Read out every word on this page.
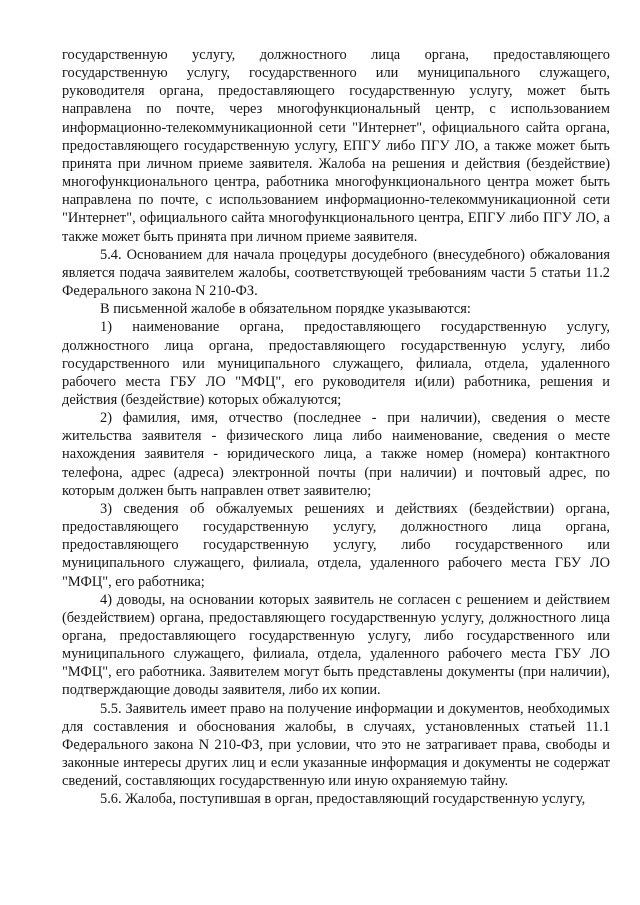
государственную услугу, должностного лица органа, предоставляющего государственную услугу, государственного или муниципального служащего, руководителя органа, предоставляющего государственную услугу, может быть направлена по почте, через многофункциональный центр, с использованием информационно-телекоммуникационной сети "Интернет", официального сайта органа, предоставляющего государственную услугу, ЕПГУ либо ПГУ ЛО, а также может быть принята при личном приеме заявителя. Жалоба на решения и действия (бездействие) многофункционального центра, работника многофункционального центра может быть направлена по почте, с использованием информационно-телекоммуникационной сети "Интернет", официального сайта многофункционального центра, ЕПГУ либо ПГУ ЛО, а также может быть принята при личном приеме заявителя.

5.4. Основанием для начала процедуры досудебного (внесудебного) обжалования является подача заявителем жалобы, соответствующей требованиям части 5 статьи 11.2 Федерального закона N 210-ФЗ.

В письменной жалобе в обязательном порядке указываются:

1) наименование органа, предоставляющего государственную услугу, должностного лица органа, предоставляющего государственную услугу, либо государственного или муниципального служащего, филиала, отдела, удаленного рабочего места ГБУ ЛО "МФЦ", его руководителя и(или) работника, решения и действия (бездействие) которых обжалуются;

2) фамилия, имя, отчество (последнее - при наличии), сведения о месте жительства заявителя - физического лица либо наименование, сведения о месте нахождения заявителя - юридического лица, а также номер (номера) контактного телефона, адрес (адреса) электронной почты (при наличии) и почтовый адрес, по которым должен быть направлен ответ заявителю;

3) сведения об обжалуемых решениях и действиях (бездействии) органа, предоставляющего государственную услугу, должностного лица органа, предоставляющего государственную услугу, либо государственного или муниципального служащего, филиала, отдела, удаленного рабочего места ГБУ ЛО "МФЦ", его работника;

4) доводы, на основании которых заявитель не согласен с решением и действием (бездействием) органа, предоставляющего государственную услугу, должностного лица органа, предоставляющего государственную услугу, либо государственного или муниципального служащего, филиала, отдела, удаленного рабочего места ГБУ ЛО "МФЦ", его работника. Заявителем могут быть представлены документы (при наличии), подтверждающие доводы заявителя, либо их копии.

5.5. Заявитель имеет право на получение информации и документов, необходимых для составления и обоснования жалобы, в случаях, установленных статьей 11.1 Федерального закона N 210-ФЗ, при условии, что это не затрагивает права, свободы и законные интересы других лиц и если указанные информация и документы не содержат сведений, составляющих государственную или иную охраняемую тайну.

5.6. Жалоба, поступившая в орган, предоставляющий государственную услугу,
